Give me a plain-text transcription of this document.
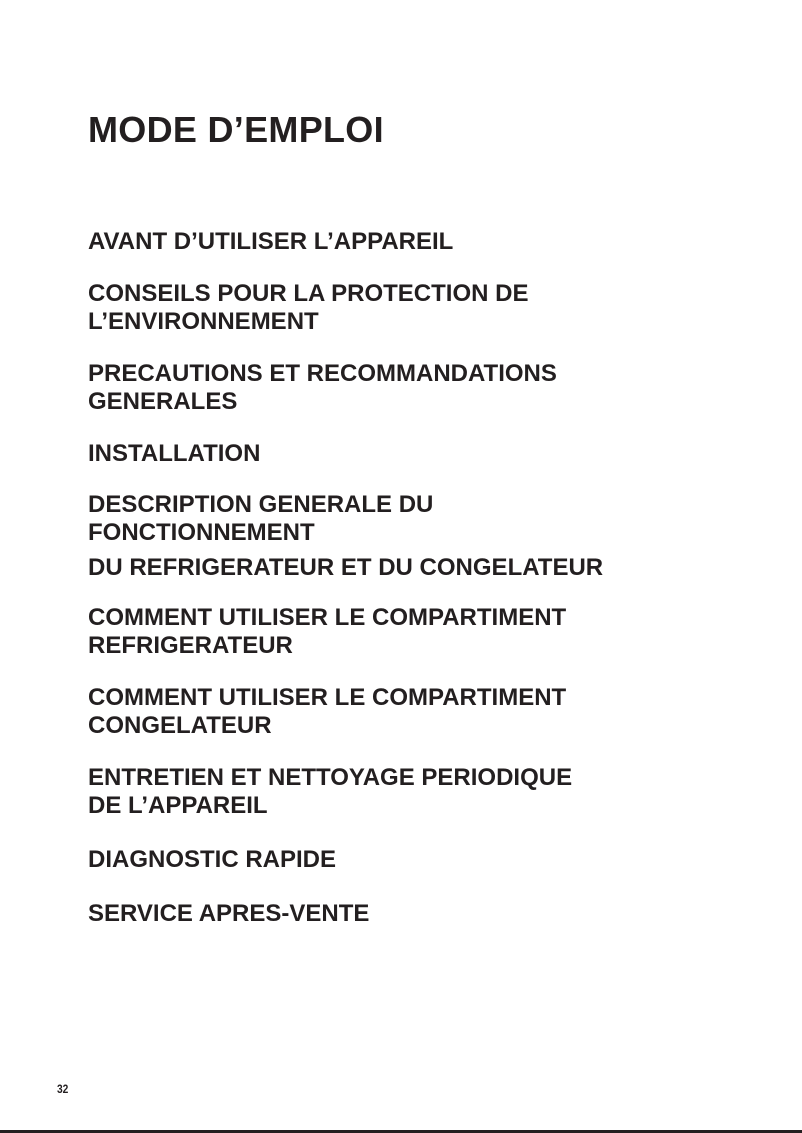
MODE D’EMPLOI
AVANT D’UTILISER L’APPAREIL
CONSEILS POUR LA PROTECTION DE
L’ENVIRONNEMENT
PRECAUTIONS ET RECOMMANDATIONS
GENERALES
INSTALLATION
DESCRIPTION GENERALE DU
FONCTIONNEMENT
DU REFRIGERATEUR ET DU CONGELATEUR
COMMENT UTILISER LE COMPARTIMENT
REFRIGERATEUR
COMMENT UTILISER LE COMPARTIMENT
CONGELATEUR
ENTRETIEN ET NETTOYAGE PERIODIQUE
DE L’APPAREIL
DIAGNOSTIC RAPIDE
SERVICE APRES-VENTE
32
